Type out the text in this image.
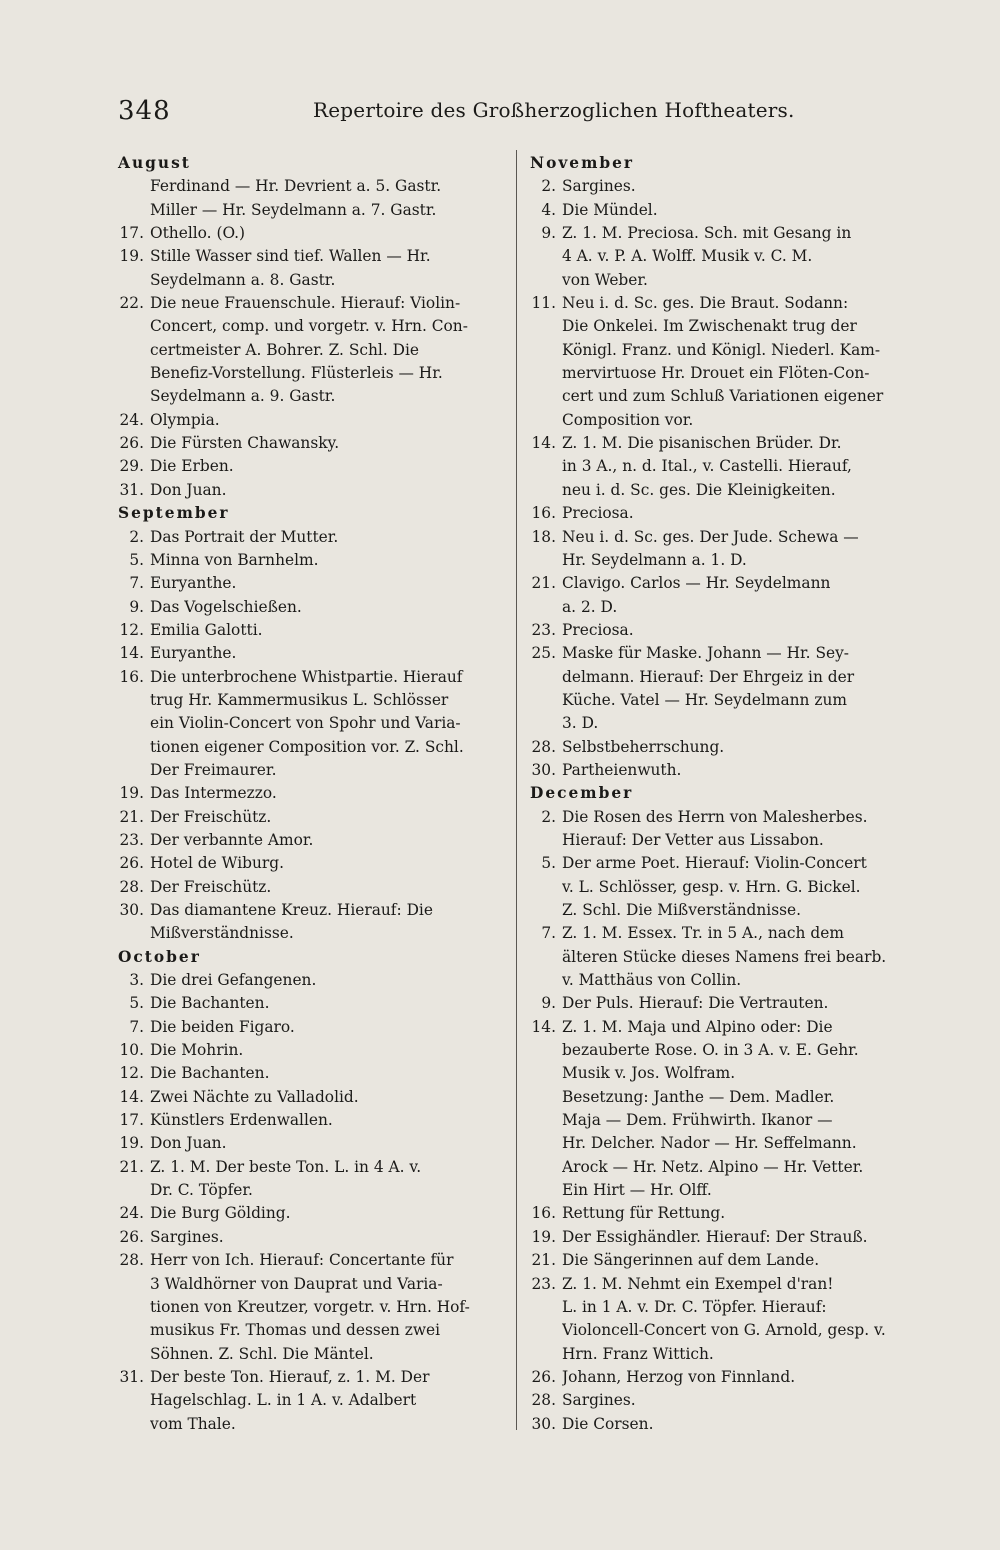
348	Repertoire des Großherzoglichen Hoftheaters.
August
Ferdinand — Hr. Devrient a. 5. Gastr.
Miller — Hr. Seydelmann a. 7. Gastr.
17. Othello. (O.)
19. Stille Wasser sind tief. Wallen — Hr.
Seydelmann a. 8. Gastr.
22. Die neue Frauenschule. Hierauf: Violin-
Concert, comp. und vorgetr. v. Hrn. Con-
certmeister A. Bohrer. Z. Schl. Die
Benefiz-Vorstellung. Flüsterleis — Hr.
Seydelmann a. 9. Gastr.
24. Olympia.
26. Die Fürsten Chawansky.
29. Die Erben.
31. Don Juan.
September
2. Das Portrait der Mutter.
5. Minna von Barnhelm.
7. Euryanthe.
9. Das Vogelschießen.
12. Emilia Galotti.
14. Euryanthe.
16. Die unterbrochene Whistpartie. Hierauf
trug Hr. Kammermusikus L. Schlösser
ein Violin-Concert von Spohr und Varia-
tionen eigener Composition vor. Z. Schl.
Der Freimaurer.
19. Das Intermezzo.
21. Der Freischütz.
23. Der verbannte Amor.
26. Hotel de Wiburg.
28. Der Freischütz.
30. Das diamantene Kreuz. Hierauf: Die
Mißverständnisse.
October
3. Die drei Gefangenen.
5. Die Bachanten.
7. Die beiden Figaro.
10. Die Mohrin.
12. Die Bachanten.
14. Zwei Nächte zu Valladolid.
17. Künstlers Erdenwallen.
19. Don Juan.
21. Z. 1. M. Der beste Ton. L. in 4 A. v.
Dr. C. Töpfer.
24. Die Burg Gölding.
26. Sargines.
28. Herr von Ich. Hierauf: Concertante für
3 Waldhörner von Dauprat und Varia-
tionen von Kreutzer, vorgetr. v. Hrn. Hof-
musikus Fr. Thomas und dessen zwei
Söhnen. Z. Schl. Die Mäntel.
31. Der beste Ton. Hierauf, z. 1. M. Der
Hagelschlag. L. in 1 A. v. Adalbert
vom Thale.
November
2. Sargines.
4. Die Mündel.
9. Z. 1. M. Preciosa. Sch. mit Gesang in
4 A. v. P. A. Wolff. Musik v. C. M.
von Weber.
11. Neu i. d. Sc. ges. Die Braut. Sodann:
Die Onkelei. Im Zwischenakt trug der
Königl. Franz. und Königl. Niederl. Kam-
mervirtuose Hr. Drouet ein Flöten-Con-
cert und zum Schluß Variationen eigener
Composition vor.
14. Z. 1. M. Die pisanischen Brüder. Dr.
in 3 A., n. d. Ital., v. Castelli. Hierauf,
neu i. d. Sc. ges. Die Kleinigkeiten.
16. Preciosa.
18. Neu i. d. Sc. ges. Der Jude. Schewa —
Hr. Seydelmann a. 1. D.
21. Clavigo. Carlos — Hr. Seydelmann
a. 2. D.
23. Preciosa.
25. Maske für Maske. Johann — Hr. Sey-
delmann. Hierauf: Der Ehrgeiz in der
Küche. Vatel — Hr. Seydelmann zum
3. D.
28. Selbstbeherrschung.
30. Partheienwuth.
December
2. Die Rosen des Herrn von Malesherbes.
Hierauf: Der Vetter aus Lissabon.
5. Der arme Poet. Hierauf: Violin-Concert
v. L. Schlösser, gesp. v. Hrn. G. Bickel.
Z. Schl. Die Mißverständnisse.
7. Z. 1. M. Essex. Tr. in 5 A., nach dem
älteren Stücke dieses Namens frei bearb.
v. Matthäus von Collin.
9. Der Puls. Hierauf: Die Vertrauten.
14. Z. 1. M. Maja und Alpino oder: Die
bezauberte Rose. O. in 3 A. v. E. Gehr.
Musik v. Jos. Wolfram.
Besetzung: Janthe — Dem. Madler.
Maja — Dem. Frühwirth. Ikanor —
Hr. Delcher. Nador — Hr. Seffelmann.
Arock — Hr. Netz. Alpino — Hr. Vetter.
Ein Hirt — Hr. Olff.
16. Rettung für Rettung.
19. Der Essighändler. Hierauf: Der Strauß.
21. Die Sängerinnen auf dem Lande.
23. Z. 1. M. Nehmt ein Exempel d'ran!
L. in 1 A. v. Dr. C. Töpfer. Hierauf:
Violoncell-Concert von G. Arnold, gesp. v.
Hrn. Franz Wittich.
26. Johann, Herzog von Finnland.
28. Sargines.
30. Die Corsen.
